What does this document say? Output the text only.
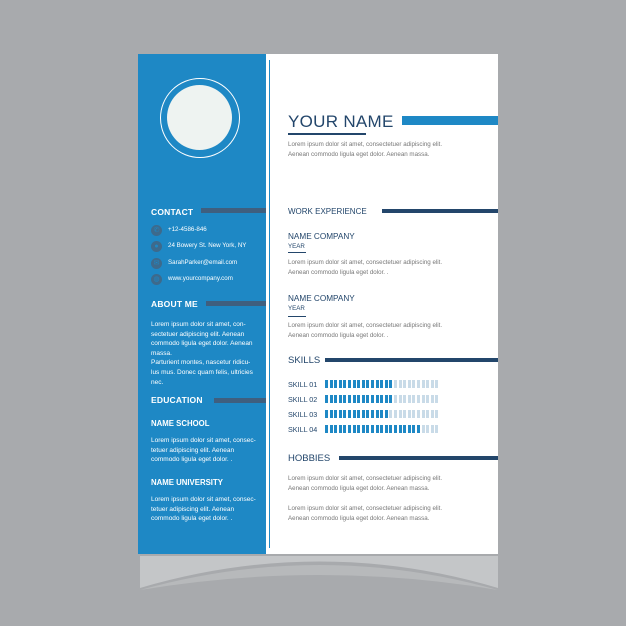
CONTACT
✆	+12-4586-846
●	24 Bowery St. New York, NY
✉	SarahParker@email.com
◍	www.yourcompany.com
ABOUT ME
Lorem ipsum dolor sit amet, con-
sectetuer adipiscing elit. Aenean
commodo ligula eget dolor. Aenean
massa.
Parturient montes, nascetur ridicu-
lus mus. Donec quam felis, ultricies
nec.
EDUCATION
NAME SCHOOL
Lorem ipsum dolor sit amet, consec-
tetuer adipiscing elit. Aenean
commodo ligula eget dolor. .
NAME UNIVERSITY
Lorem ipsum dolor sit amet, consec-
tetuer adipiscing elit. Aenean
commodo ligula eget dolor. .
YOUR NAME
Lorem ipsum dolor sit amet, consectetuer adipiscing elit.
Aenean commodo ligula eget dolor. Aenean massa.
WORK EXPERIENCE
NAME COMPANY
YEAR
Lorem ipsum dolor sit amet, consectetuer adipiscing elit.
Aenean commodo ligula eget dolor. .
NAME COMPANY
YEAR
Lorem ipsum dolor sit amet, consectetuer adipiscing elit.
Aenean commodo ligula eget dolor. .
SKILLS
SKILL 01
SKILL 02
SKILL 03
SKILL 04
HOBBIES
Lorem ipsum dolor sit amet, consectetuer adipiscing elit.
Aenean commodo ligula eget dolor. Aenean massa.
Lorem ipsum dolor sit amet, consectetuer adipiscing elit.
Aenean commodo ligula eget dolor. Aenean massa.
